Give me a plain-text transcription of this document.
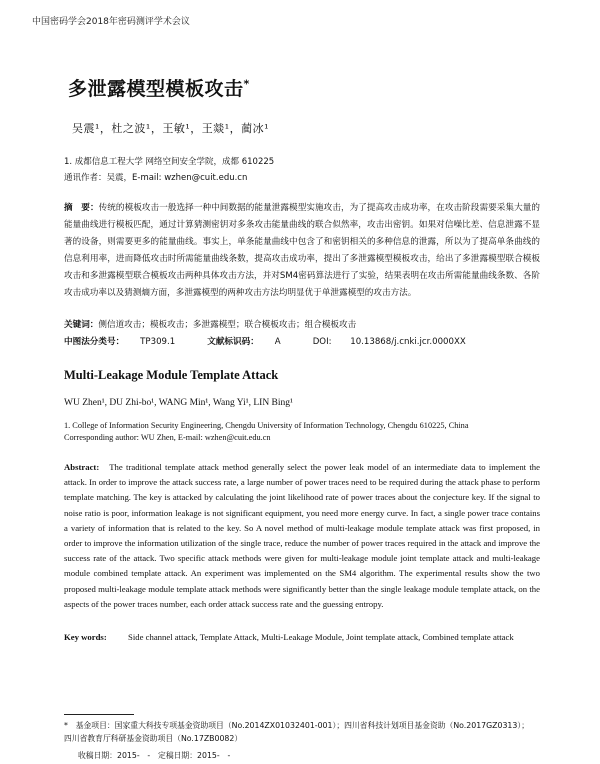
中国密码学会2018年密码测评学术会议
多泄露模型模板攻击*
吴震¹，杜之波¹，王敏¹，王燚¹，蔺冰¹
1. 成都信息工程大学 网络空间安全学院，成都 610225
通讯作者：吴震，E-mail: wzhen@cuit.edu.cn
摘　要：传统的模板攻击一般选择一种中间数据的能量泄露模型实施攻击，为了提高攻击成功率，在攻击阶段需要采集大量的能量曲线进行模板匹配，通过计算猜测密钥对多条攻击能量曲线的联合似然率，攻击出密钥。如果对信噪比差、信息泄露不显著的设备，则需要更多的能量曲线。事实上，单条能量曲线中包含了和密钥相关的多种信息的泄露，所以为了提高单条曲线的信息利用率，进而降低攻击时所需能量曲线条数，提高攻击成功率，提出了多泄露模型模板攻击，给出了多泄露模型联合模板攻击和多泄露模型联合模板攻击两种具体攻击方法，并对SM4密码算法进行了实验，结果表明在攻击所需能量曲线条数、各阶攻击成功率以及猜测熵方面，多泄露模型的两种攻击方法均明显优于单泄露模型的攻击方法。
关键词：侧信道攻击；模板攻击；多泄露模型；联合模板攻击；组合模板攻击
中图法分类号： TP309.1	文献标识码： A	DOI: 10.13868/j.cnki.jcr.0000XX
Multi-Leakage Module Template Attack
WU Zhen¹, DU Zhi-bo¹, WANG Min¹, Wang Yi¹, LIN Bing¹
1. College of Information Security Engineering, Chengdu University of Information Technology, Chengdu 610225, China
Corresponding author: WU Zhen, E-mail: wzhen@cuit.edu.cn
Abstract: The traditional template attack method generally select the power leak model of an intermediate data to implement the attack. In order to improve the attack success rate, a large number of power traces need to be required during the attack phase to perform template matching. The key is attacked by calculating the joint likelihood rate of power traces about the conjecture key. If the signal to noise ratio is poor, information leakage is not significant equipment, you need more energy curve. In fact, a single power trace contains a variety of information that is related to the key. So A novel method of multi-leakage module template attack was first proposed, in order to improve the information utilization of the single trace, reduce the number of power traces required in the attack and improve the success rate of the attack. Two specific attack methods were given for multi-leakage module joint template attack and multi-leakage module combined template attack. An experiment was implemented on the SM4 algorithm. The experimental results show the two proposed multi-leakage module template attack methods were significantly better than the single leakage module template attack, on the aspects of the power traces number, each order attack success rate and the guessing entropy.
Key words: Side channel attack, Template Attack, Multi-Leakage Module, Joint template attack, Combined template attack

*　基金项目：国家重大科技专项基金资助项目（No.2014ZX01032401-001）；四川省科技计划项目基金资助（No.2017GZ0313）；

四川省教育厅科研基金资助项目（No.17ZB0082）

收稿日期：2015-　-　定稿日期：2015-　-
